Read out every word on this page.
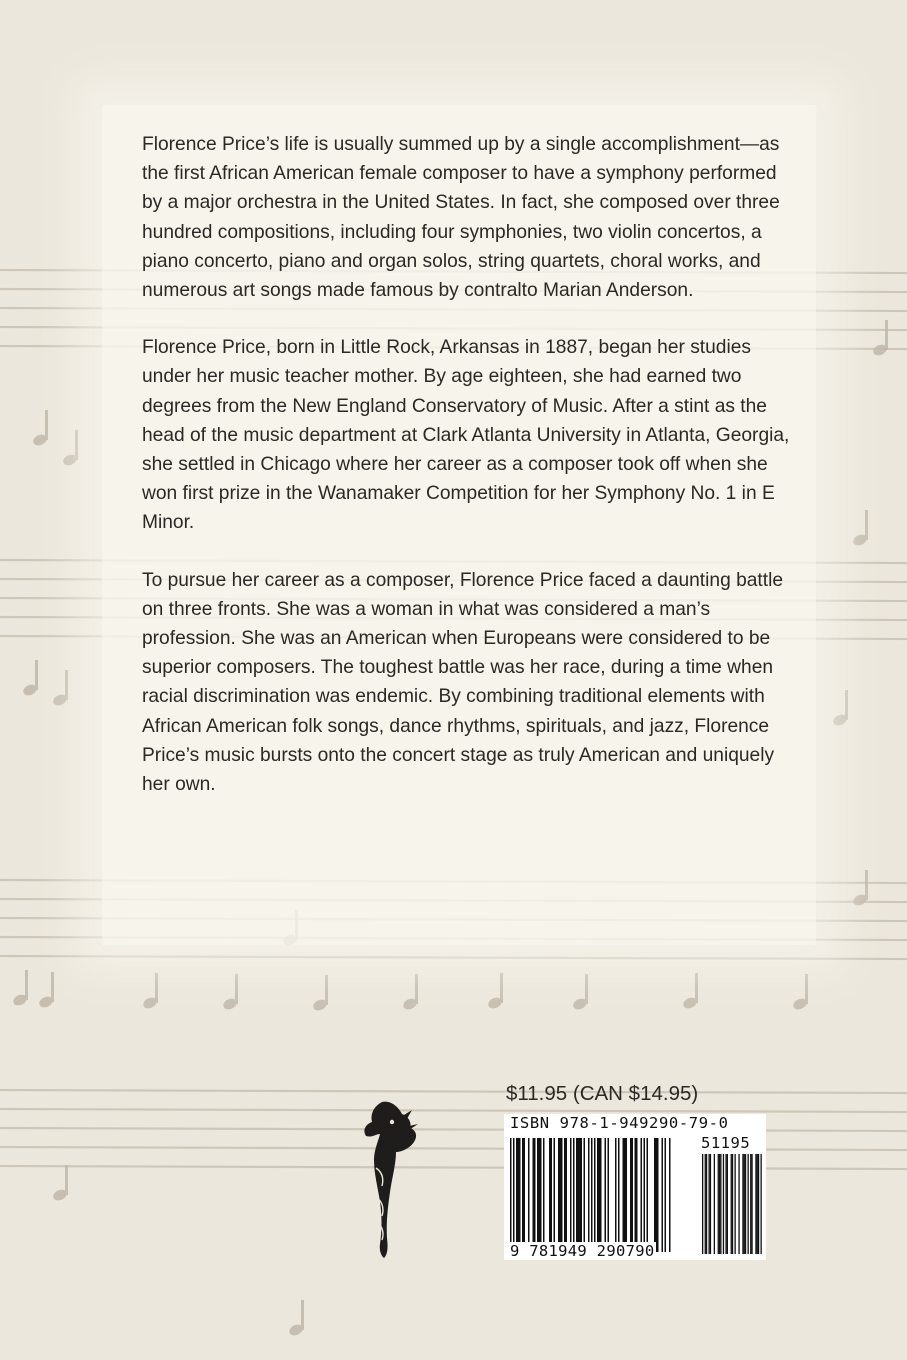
Florence Price’s life is usually summed up by a single accomplishment—as the first African American female composer to have a symphony performed by a major orchestra in the United States. In fact, she composed over three hundred compositions, including four symphonies, two violin concertos, a piano concerto, piano and organ solos, string quartets, choral works, and numerous art songs made famous by contralto Marian Anderson.

Florence Price, born in Little Rock, Arkansas in 1887, began her studies under her music teacher mother. By age eighteen, she had earned two degrees from the New England Conservatory of Music. After a stint as the head of the music department at Clark Atlanta University in Atlanta, Georgia, she settled in Chicago where her career as a composer took off when she won first prize in the Wanamaker Competition for her Symphony No. 1 in E Minor.

To pursue her career as a composer, Florence Price faced a daunting battle on three fronts. She was a woman in what was considered a man’s profession. She was an American when Europeans were considered to be superior composers. The toughest battle was her race, during a time when racial discrimination was endemic. By combining traditional elements with African American folk songs, dance rhythms, spirituals, and jazz, Florence Price’s music bursts onto the concert stage as truly American and uniquely her own.

$11.95 (CAN $14.95)
ISBN 978-1-949290-79-0
51195
9 781949 290790
